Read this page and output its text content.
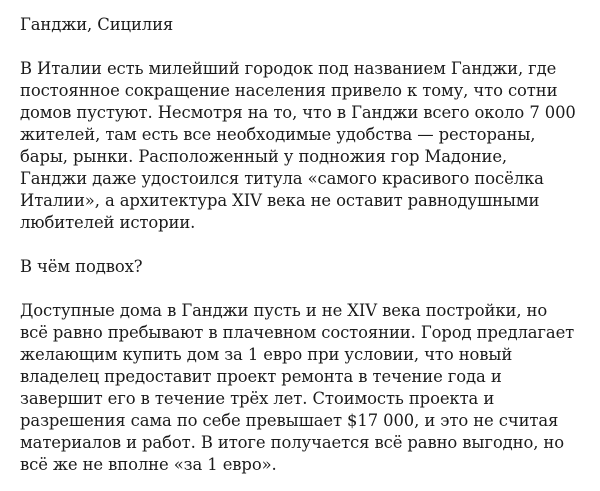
Ганджи, Сицилия

В Италии есть милейший городок под названием Ганджи, где
постоянное сокращение населения привело к тому, что сотни
домов пустуют. Несмотря на то, что в Ганджи всего около 7 000
жителей, там есть все необходимые удобства — рестораны,
бары, рынки. Расположенный у подножия гор Мадоние,
Ганджи даже удостоился титула «самого красивого посёлка
Италии», а архитектура XIV века не оставит равнодушными
любителей истории.

В чём подвох?

Доступные дома в Ганджи пусть и не XIV века постройки, но
всё равно пребывают в плачевном состоянии. Город предлагает
желающим купить дом за 1 евро при условии, что новый
владелец предоставит проект ремонта в течение года и
завершит его в течение трёх лет. Стоимость проекта и
разрешения сама по себе превышает $17 000, и это не считая
материалов и работ. В итоге получается всё равно выгодно, но
всё же не вполне «за 1 евро».
